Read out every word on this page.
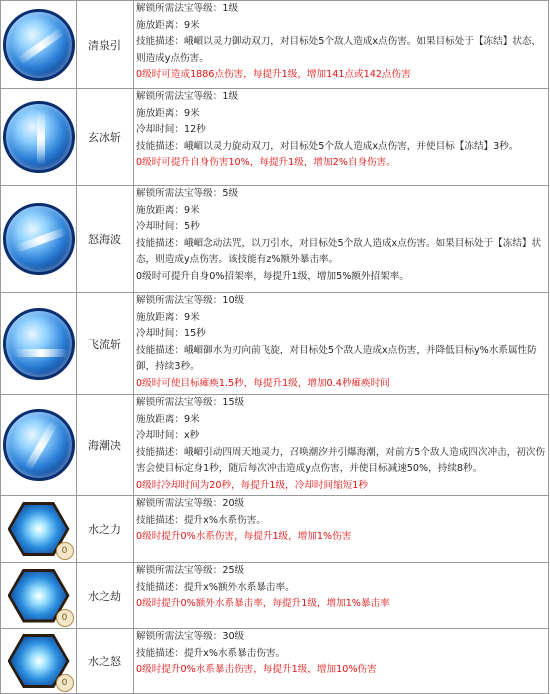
清泉引
解锁所需法宝等级：1级
施放距离：9米
技能描述：峨嵋以灵力御动双刀，对目标处5个敌人造成x点伤害。如果目标处于【冻结】状态，则造成y点伤害。
0级时可造成1886点伤害，每提升1级，增加141点或142点伤害
玄冰斩
解锁所需法宝等级：1级
施放距离：9米
冷却时间：12秒
技能描述：峨嵋以灵力旋动双刀，对目标处5个敌人造成x点伤害，并使目标【冻结】3秒。
0级时可提升自身伤害10%，每提升1级，增加2%自身伤害。
怒海波
解锁所需法宝等级：5级
施放距离：9米
冷却时间：5秒
技能描述：峨嵋念动法咒，以刀引水，对目标处5个敌人造成x点伤害。如果目标处于【冻结】状态，则造成y点伤害。该技能有z%额外暴击率。
0级时可提升自身0%招架率，每提升1级，增加5%额外招架率。
飞流斩
解锁所需法宝等级：10级
施放距离：9米
冷却时间：15秒
技能描述：峨嵋御水为刃向前飞旋，对目标处5个敌人造成x点伤害，并降低目标y%水系属性防御，持续3秒。
0级时可使目标瘫痪1.5秒，每提升1级，增加0.4秒瘫痪时间
海潮决
解锁所需法宝等级：15级
施放距离：9米
冷却时间：x秒
技能描述：峨嵋引动四周天地灵力，召唤潮汐并引爆海潮，对前方5个敌人造成四次冲击，初次伤害会使目标定身1秒，随后每次冲击造成y点伤害，并使目标减速50%，持续8秒。
0级时冷却时间为20秒，每提升1级，冷却时间缩短1秒
0
水之力
解锁所需法宝等级：20级
技能描述：提升x%水系伤害。
0级时提升0%水系伤害，每提升1级，增加1%伤害
0
水之劫
解锁所需法宝等级：25级
技能描述：提升x%额外水系暴击率。
0级时提升0%额外水系暴击率，每提升1级，增加1%暴击率
0
水之怒
解锁所需法宝等级：30级
技能描述：提升x%水系暴击伤害。
0级时提升0%水系暴击伤害，每提升1级，增加10%伤害
